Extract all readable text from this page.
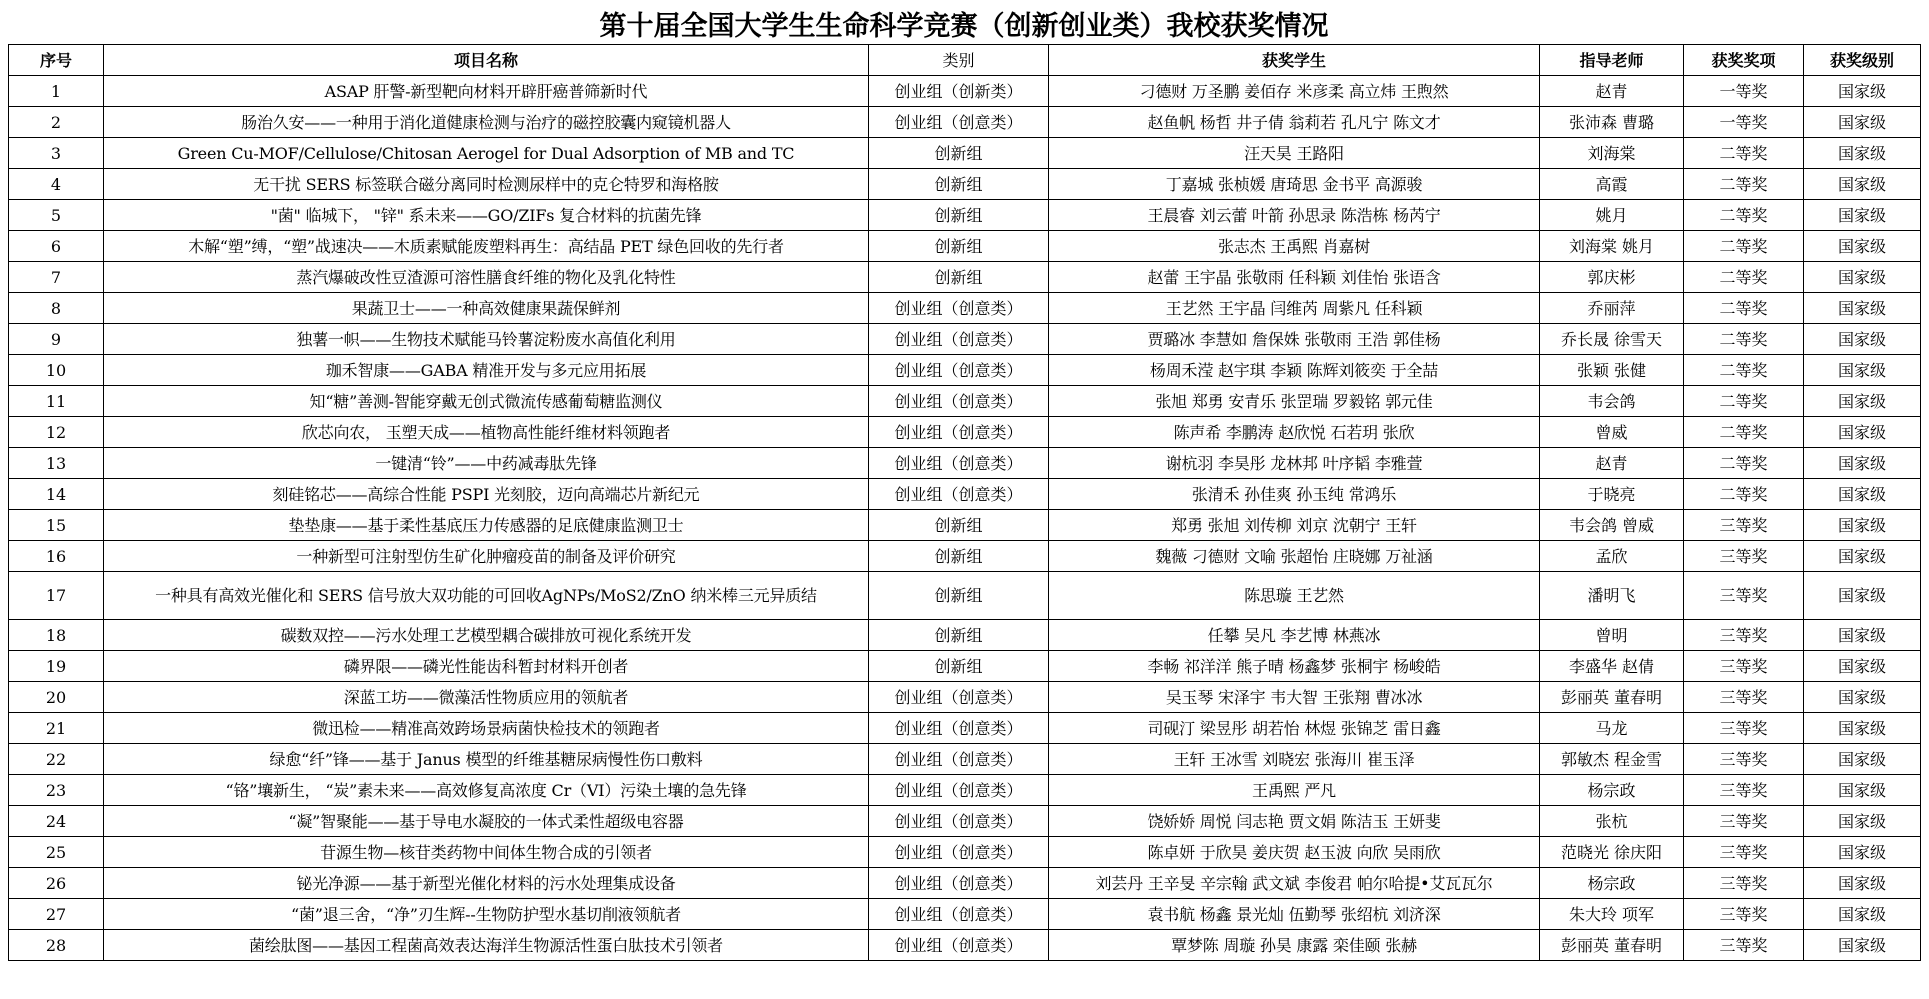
第十届全国大学生生命科学竞赛（创新创业类）我校获奖情况
序号	项目名称	类别	获奖学生	指导老师	获奖奖项	获奖级别
1	ASAP 肝警-新型靶向材料开辟肝癌普筛新时代	创业组（创新类）	刁德财 万圣鹏 姜佰存 米彦柔 高立炜 王煦然	赵青	一等奖	国家级
2	肠治久安——一种用于消化道健康检测与治疗的磁控胶囊内窥镜机器人	创业组（创意类）	赵鱼帆 杨哲 井子倩 翁莉若 孔凡宁 陈文才	张沛森 曹璐	一等奖	国家级
3	Green Cu-MOF/Cellulose/Chitosan Aerogel for Dual Adsorption of MB and TC	创新组	汪天昊 王路阳	刘海棠	二等奖	国家级
4	无干扰 SERS 标签联合磁分离同时检测尿样中的克仑特罗和海格胺	创新组	丁嘉城 张桢媛 唐琦思 金书平 高源骏	高霞	二等奖	国家级
5	"菌" 临城下， "锌" 系未来——GO/ZIFs 复合材料的抗菌先锋	创新组	王晨睿 刘云蕾 叶箭 孙思录 陈浩栋 杨芮宁	姚月	二等奖	国家级
6	木解“塑”缚，“塑”战速决——木质素赋能废塑料再生：高结晶 PET 绿色回收的先行者	创新组	张志杰 王禹熙 肖嘉树	刘海棠 姚月	二等奖	国家级
7	蒸汽爆破改性豆渣源可溶性膳食纤维的物化及乳化特性	创新组	赵蕾 王宇晶 张敬雨 任科颖 刘佳怡 张语含	郭庆彬	二等奖	国家级
8	果蔬卫士——一种高效健康果蔬保鲜剂	创业组（创意类）	王艺然 王宇晶 闫维芮 周紫凡 任科颖	乔丽萍	二等奖	国家级
9	独薯一帜——生物技术赋能马铃薯淀粉废水高值化利用	创业组（创意类）	贾璐冰 李慧如 詹保姝 张敬雨 王浩 郭佳杨	乔长晟 徐雪天	二等奖	国家级
10	珈禾智康——GABA 精准开发与多元应用拓展	创业组（创意类）	杨周禾滢 赵宇琪 李颖 陈辉刘筱奕 于全喆	张颖 张健	二等奖	国家级
11	知“糖”善测-智能穿戴无创式微流传感葡萄糖监测仪	创业组（创意类）	张旭 郑勇 安青乐 张罡瑞 罗毅铭 郭元佳	韦会鸽	二等奖	国家级
12	欣芯向农， 玉塑天成——植物高性能纤维材料领跑者	创业组（创意类）	陈声希 李鹏涛 赵欣悦 石若玥 张欣	曾威	二等奖	国家级
13	一键清“铃”——中药减毒肽先锋	创业组（创意类）	谢杭羽 李昊彤 龙林邦 叶序韬 李雅萱	赵青	二等奖	国家级
14	刻硅铭芯——高综合性能 PSPI 光刻胶，迈向高端芯片新纪元	创业组（创意类）	张清禾 孙佳爽 孙玉纯 常鸿乐	于晓亮	二等奖	国家级
15	垫垫康——基于柔性基底压力传感器的足底健康监测卫士	创新组	郑勇 张旭 刘传柳 刘京 沈朝宁 王轩	韦会鸽 曾威	三等奖	国家级
16	一种新型可注射型仿生矿化肿瘤疫苗的制备及评价研究	创新组	魏薇 刁德财 文喻 张超怡 庄晓娜 万祉涵	孟欣	三等奖	国家级
17	一种具有高效光催化和 SERS 信号放大双功能的可回收AgNPs/MoS2/ZnO 纳米棒三元异质结	创新组	陈思璇 王艺然	潘明飞	三等奖	国家级
18	碳数双控——污水处理工艺模型耦合碳排放可视化系统开发	创新组	任攀 吴凡 李艺博 林燕冰	曾明	三等奖	国家级
19	磷界限——磷光性能齿科暂封材料开创者	创新组	李畅 祁洋洋 熊子晴 杨鑫梦 张桐宇 杨峻皓	李盛华 赵倩	三等奖	国家级
20	深蓝工坊——微藻活性物质应用的领航者	创业组（创意类）	吴玉琴 宋泽宇 韦大智 王张翔 曹冰冰	彭丽英 董春明	三等奖	国家级
21	微迅检——精准高效跨场景病菌快检技术的领跑者	创业组（创意类）	司砚汀 梁昱彤 胡若怡 林煜 张锦芝 雷日鑫	马龙	三等奖	国家级
22	绿愈“纤”锋——基于 Janus 模型的纤维基糖尿病慢性伤口敷料	创业组（创意类）	王轩 王冰雪 刘晓宏 张海川 崔玉泽	郭敏杰 程金雪	三等奖	国家级
23	“铬”壤新生， “炭”素未来——高效修复高浓度 Cr（VI）污染土壤的急先锋	创业组（创意类）	王禹熙 严凡	杨宗政	三等奖	国家级
24	“凝”智聚能——基于导电水凝胶的一体式柔性超级电容器	创业组（创意类）	饶娇娇 周悦 闫志艳 贾文娟 陈洁玉 王妍斐	张杭	三等奖	国家级
25	苷源生物—核苷类药物中间体生物合成的引领者	创业组（创意类）	陈卓妍 于欣昊 姜庆贺 赵玉波 向欣 吴雨欣	范晓光 徐庆阳	三等奖	国家级
26	铋光净源——基于新型光催化材料的污水处理集成设备	创业组（创意类）	刘芸丹 王辛旻 辛宗翰 武文斌 李俊君 帕尔哈提•艾瓦瓦尔	杨宗政	三等奖	国家级
27	“菌”退三舍，“净”刃生辉--生物防护型水基切削液领航者	创业组（创意类）	袁书航 杨鑫 景光灿 伍勤琴 张绍杭 刘济深	朱大玲 项军	三等奖	国家级
28	菌绘肽图——基因工程菌高效表达海洋生物源活性蛋白肽技术引领者	创业组（创意类）	覃梦陈 周璇 孙昊 康露 栾佳颐 张赫	彭丽英 董春明	三等奖	国家级
